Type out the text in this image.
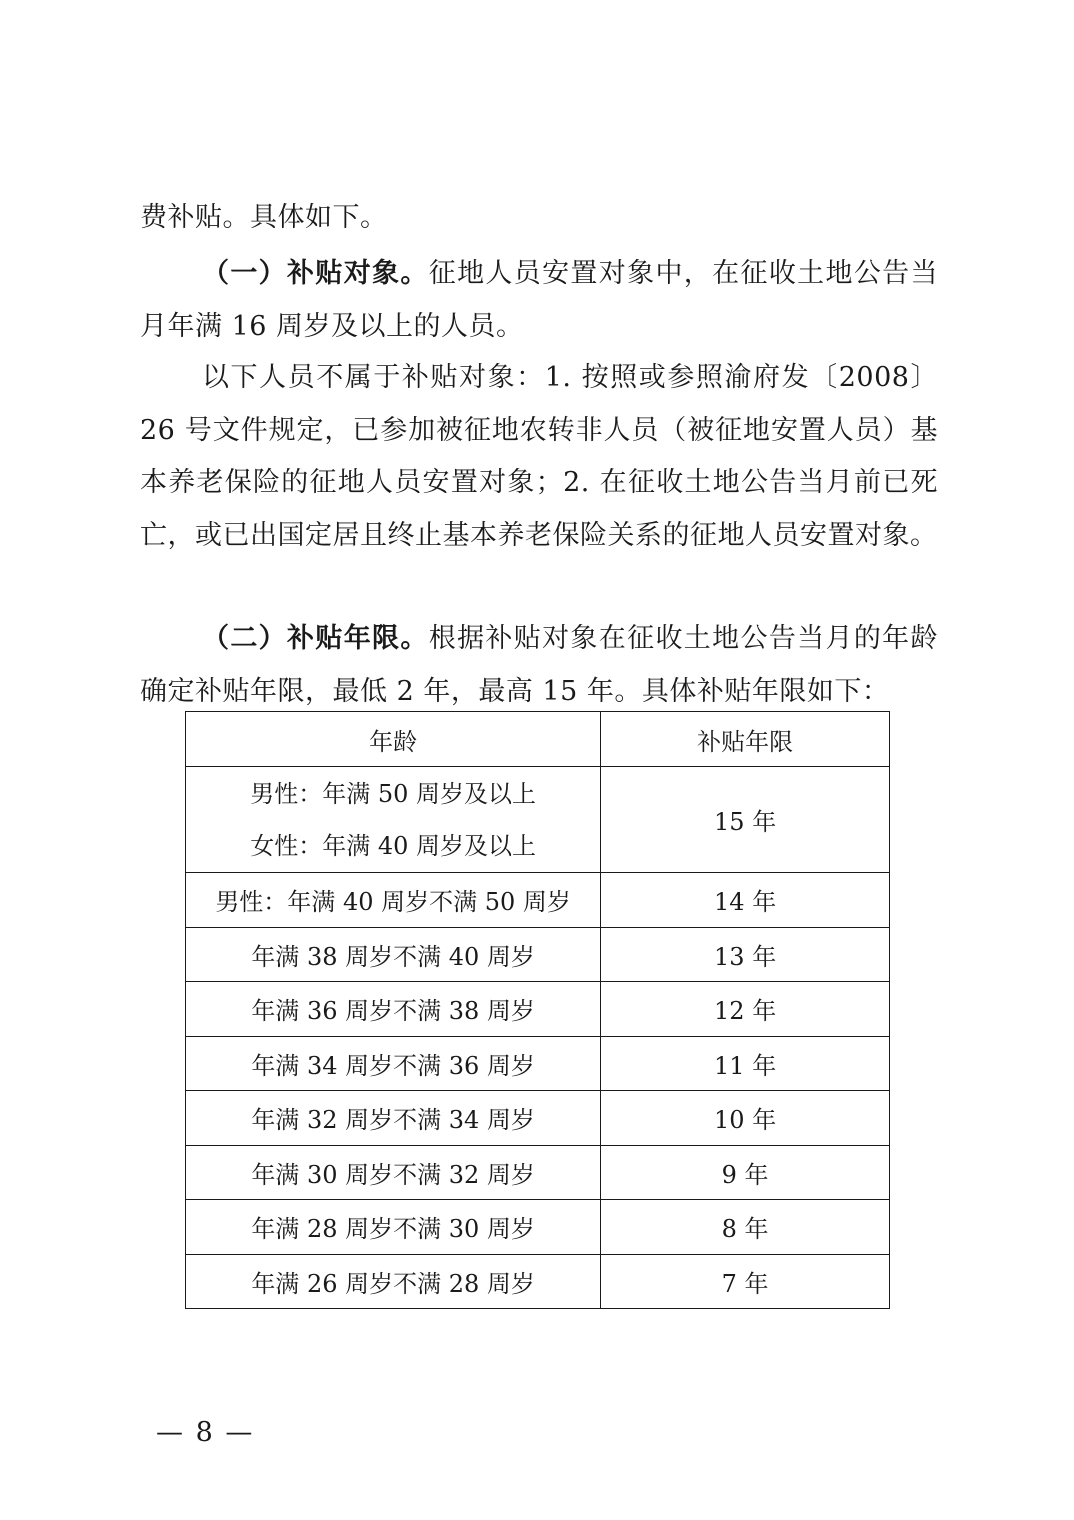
费补贴。具体如下。

（一）补贴对象。征地人员安置对象中，在征收土地公告当月年满 16 周岁及以上的人员。

以下人员不属于补贴对象：1. 按照或参照渝府发〔2008〕26 号文件规定，已参加被征地农转非人员（被征地安置人员）基本养老保险的征地人员安置对象；2. 在征收土地公告当月前已死亡，或已出国定居且终止基本养老保险关系的征地人员安置对象。

（二）补贴年限。根据补贴对象在征收土地公告当月的年龄确定补贴年限，最低 2 年，最高 15 年。具体补贴年限如下：

年龄	补贴年限

男性：年满 50 周岁及以上
女性：年满 40 周岁及以上	15 年
男性：年满 40 周岁不满 50 周岁	14 年
年满 38 周岁不满 40 周岁	13 年
年满 36 周岁不满 38 周岁	12 年
年满 34 周岁不满 36 周岁	11 年
年满 32 周岁不满 34 周岁	10 年
年满 30 周岁不满 32 周岁	9 年
年满 28 周岁不满 30 周岁	8 年
年满 26 周岁不满 28 周岁	7 年
— 8 —
